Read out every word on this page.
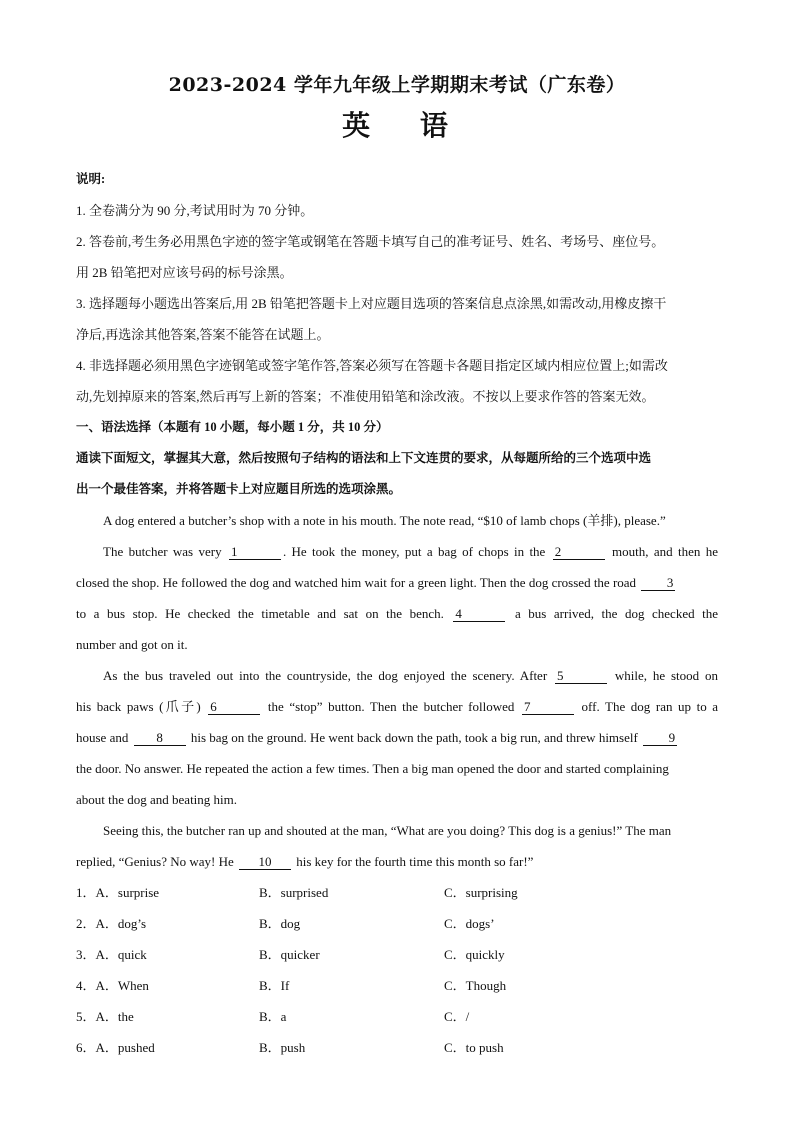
2023-2024 学年九年级上学期期末考试（广东卷）
英 语
说明:
1. 全卷满分为 90 分,考试用时为 70 分钟。
2. 答卷前,考生务必用黑色字迹的签字笔或钢笔在答题卡填写自己的准考证号、姓名、考场号、座位号。
用 2B 铅笔把对应该号码的标号涂黑。
3. 选择题每小题选出答案后,用 2B 铅笔把答题卡上对应题目选项的答案信息点涂黑,如需改动,用橡皮擦干
净后,再选涂其他答案,答案不能答在试题上。
4. 非选择题必须用黑色字迹钢笔或签字笔作答,答案必须写在答题卡各题目指定区域内相应位置上;如需改
动,先划掉原来的答案,然后再写上新的答案；不准使用铅笔和涂改液。不按以上要求作答的答案无效。
一、语法选择（本题有 10 小题，每小题 1 分，共 10 分）
通读下面短文，掌握其大意，然后按照句子结构的语法和上下文连贯的要求，从每题所给的三个选项中选
出一个最佳答案，并将答题卡上对应题目所选的选项涂黑。
A dog entered a butcher’s shop with a note in his mouth. The note read, “$10 of lamb chops (羊排), please.”
The butcher was very 1	. He took the money, put a bag of chops in the 2	mouth, and then he
closed the shop. He followed the dog and watched him wait for a green light. Then the dog crossed the road 3
to a bus stop. He checked the timetable and sat on the bench. 4	a bus arrived, the dog checked the
number and got on it.
As the bus traveled out into the countryside, the dog enjoyed the scenery. After 5	while, he stood on
his back paws (爪子) 6	the “stop” button. Then the butcher followed 7	off. The dog ran up to a
house and 8 his bag on the ground. He went back down the path, took a big run, and threw himself 9
the door. No answer. He repeated the action a few times. Then a big man opened the door and started complaining
about the dog and beating him.
Seeing this, the butcher ran up and shouted at the man, “What are you doing? This dog is a genius!” The man
replied, “Genius? No way! He 10 his key for the fourth time this month so far!”
1．A．surprise	B．surprised	C．surprising
2．A．dog’s	B．dog	C．dogs’
3．A．quick	B．quicker	C．quickly
4．A．When	B．If	C．Though
5．A．the	B．a	C．/
6．A．pushed	B．push	C．to push
